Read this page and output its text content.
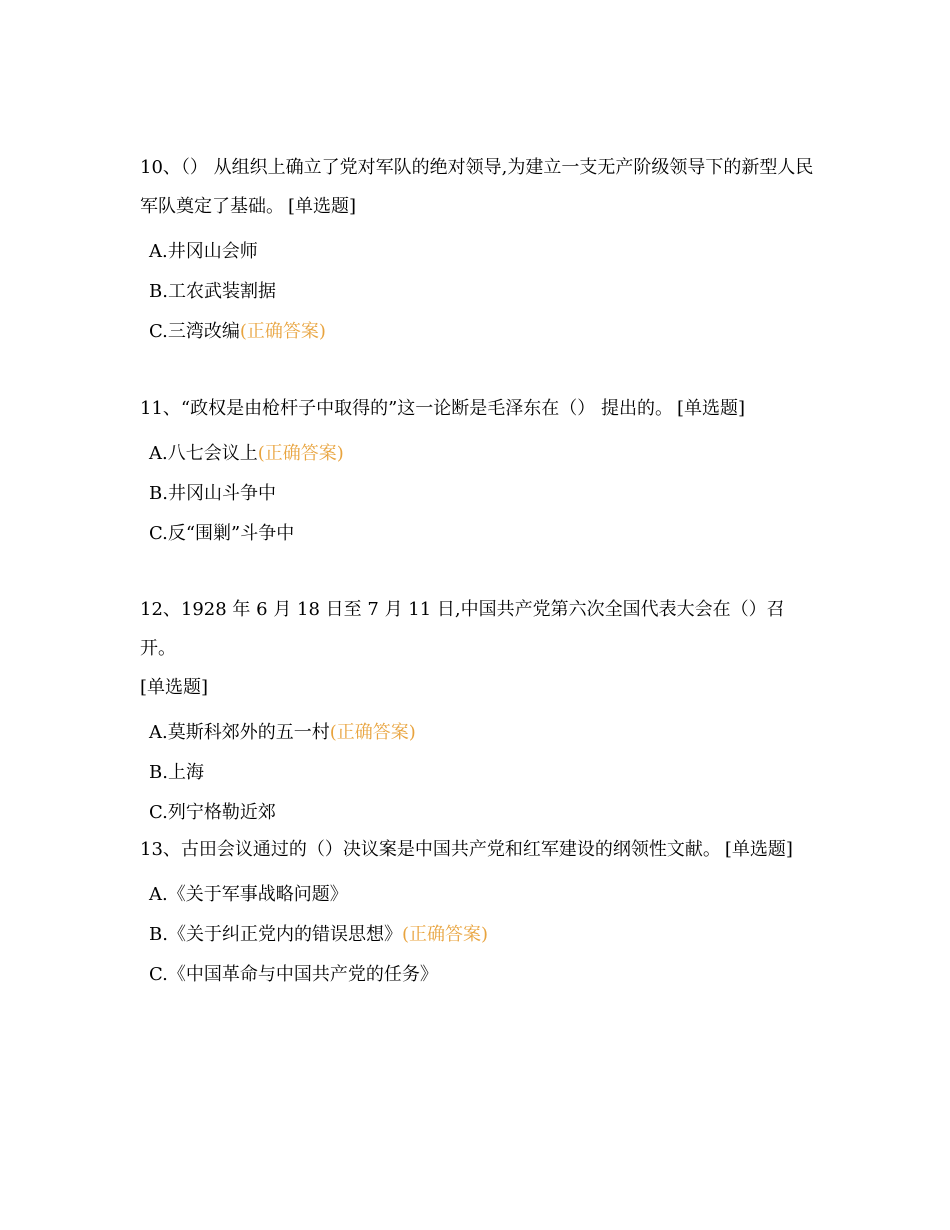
10、（） 从组织上确立了党对军队的绝对领导,为建立一支无产阶级领导下的新型人民军队奠定了基础。 [单选题]

A.井冈山会师
B.工农武装割据
C.三湾改编(正确答案)

11、“政权是由枪杆子中取得的”这一论断是毛泽东在（） 提出的。 [单选题]

A.八七会议上(正确答案)
B.井冈山斗争中
C.反“围剿”斗争中

12、1928 年 6 月 18 日至 7 月 11 日,中国共产党第六次全国代表大会在（）召开。
[单选题]

A.莫斯科郊外的五一村(正确答案)
B.上海
C.列宁格勒近郊

13、古田会议通过的（）决议案是中国共产党和红军建设的纲领性文献。 [单选题]

A.《关于军事战略问题》
B.《关于纠正党内的错误思想》(正确答案)
C.《中国革命与中国共产党的任务》
